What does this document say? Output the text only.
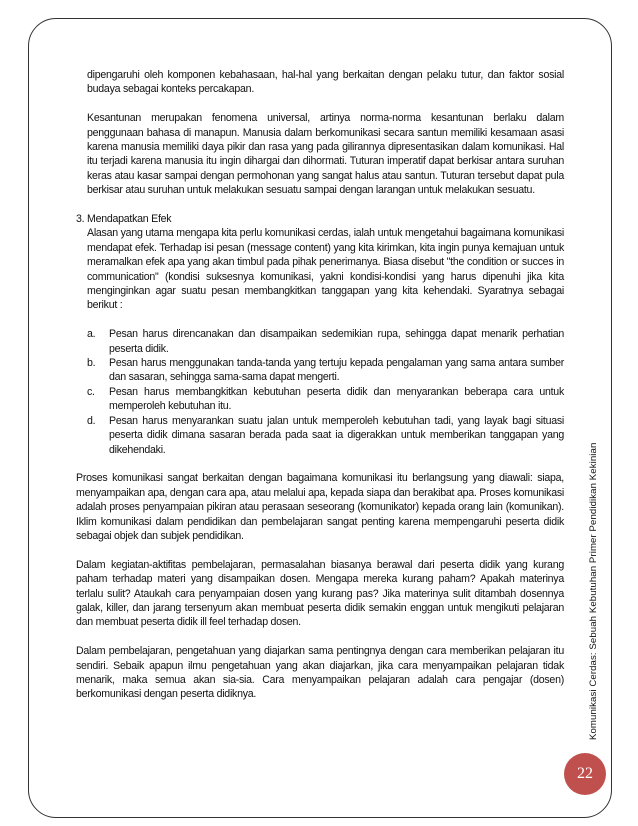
dipengaruhi oleh komponen kebahasaan, hal-hal yang berkaitan dengan pelaku tutur, dan faktor sosial budaya sebagai konteks percakapan.

Kesantunan merupakan fenomena universal, artinya norma-norma kesantunan berlaku dalam penggunaan bahasa di manapun. Manusia dalam berkomunikasi secara santun memiliki kesamaan asasi karena manusia memiliki daya pikir dan rasa yang pada gilirannya dipresentasikan dalam komunikasi. Hal itu terjadi karena manusia itu ingin dihargai dan dihormati. Tuturan imperatif dapat berkisar antara suruhan keras atau kasar sampai dengan permohonan yang sangat halus atau santun. Tuturan tersebut dapat pula berkisar atau suruhan untuk melakukan sesuatu sampai dengan larangan untuk melakukan sesuatu.

3. Mendapatkan Efek

Alasan yang utama mengapa kita perlu komunikasi cerdas, ialah untuk mengetahui bagaimana komunikasi mendapat efek. Terhadap isi pesan (message content) yang kita kirimkan, kita ingin punya kemajuan untuk meramalkan efek apa yang akan timbul pada pihak penerimanya. Biasa disebut "the condition or succes in communication" (kondisi suksesnya komunikasi, yakni kondisi-kondisi yang harus dipenuhi jika kita menginginkan agar suatu pesan membangkitkan tanggapan yang kita kehendaki. Syaratnya sebagai berikut :

a. Pesan harus direncanakan dan disampaikan sedemikian rupa, sehingga dapat menarik perhatian peserta didik.
b. Pesan harus menggunakan tanda-tanda yang tertuju kepada pengalaman yang sama antara sumber dan sasaran, sehingga sama-sama dapat mengerti.
c. Pesan harus membangkitkan kebutuhan peserta didik dan menyarankan beberapa cara untuk memperoleh kebutuhan itu.
d. Pesan harus menyarankan suatu jalan untuk memperoleh kebutuhan tadi, yang layak bagi situasi peserta didik dimana sasaran berada pada saat ia digerakkan untuk memberikan tanggapan yang dikehendaki.

Proses komunikasi sangat berkaitan dengan bagaimana komunikasi itu berlangsung yang diawali: siapa, menyampaikan apa, dengan cara apa, atau melalui apa, kepada siapa dan berakibat apa. Proses komunikasi adalah proses penyampaian pikiran atau perasaan seseorang (komunikator) kepada orang lain (komunikan). Iklim komunikasi dalam pendidikan dan pembelajaran sangat penting karena mempengaruhi peserta didik sebagai objek dan subjek pendidikan.

Dalam kegiatan-aktifitas pembelajaran, permasalahan biasanya berawal dari peserta didik yang kurang paham terhadap materi yang disampaikan dosen. Mengapa mereka kurang paham? Apakah materinya terlalu sulit? Ataukah cara penyampaian dosen yang kurang pas? Jika materinya sulit ditambah dosennya galak, killer, dan jarang tersenyum akan membuat peserta didik semakin enggan untuk mengikuti pelajaran dan membuat peserta didik ill feel terhadap dosen.

Dalam pembelajaran, pengetahuan yang diajarkan sama pentingnya dengan cara memberikan pelajaran itu sendiri. Sebaik apapun ilmu pengetahuan yang akan diajarkan, jika cara menyampaikan pelajaran tidak menarik, maka semua akan sia-sia. Cara menyampaikan pelajaran adalah cara pengajar (dosen) berkomunikasi dengan peserta didiknya.	Komunikasi Cerdas: Sebuah Kebutuhan Primer Pendidikan Kekinian
22
